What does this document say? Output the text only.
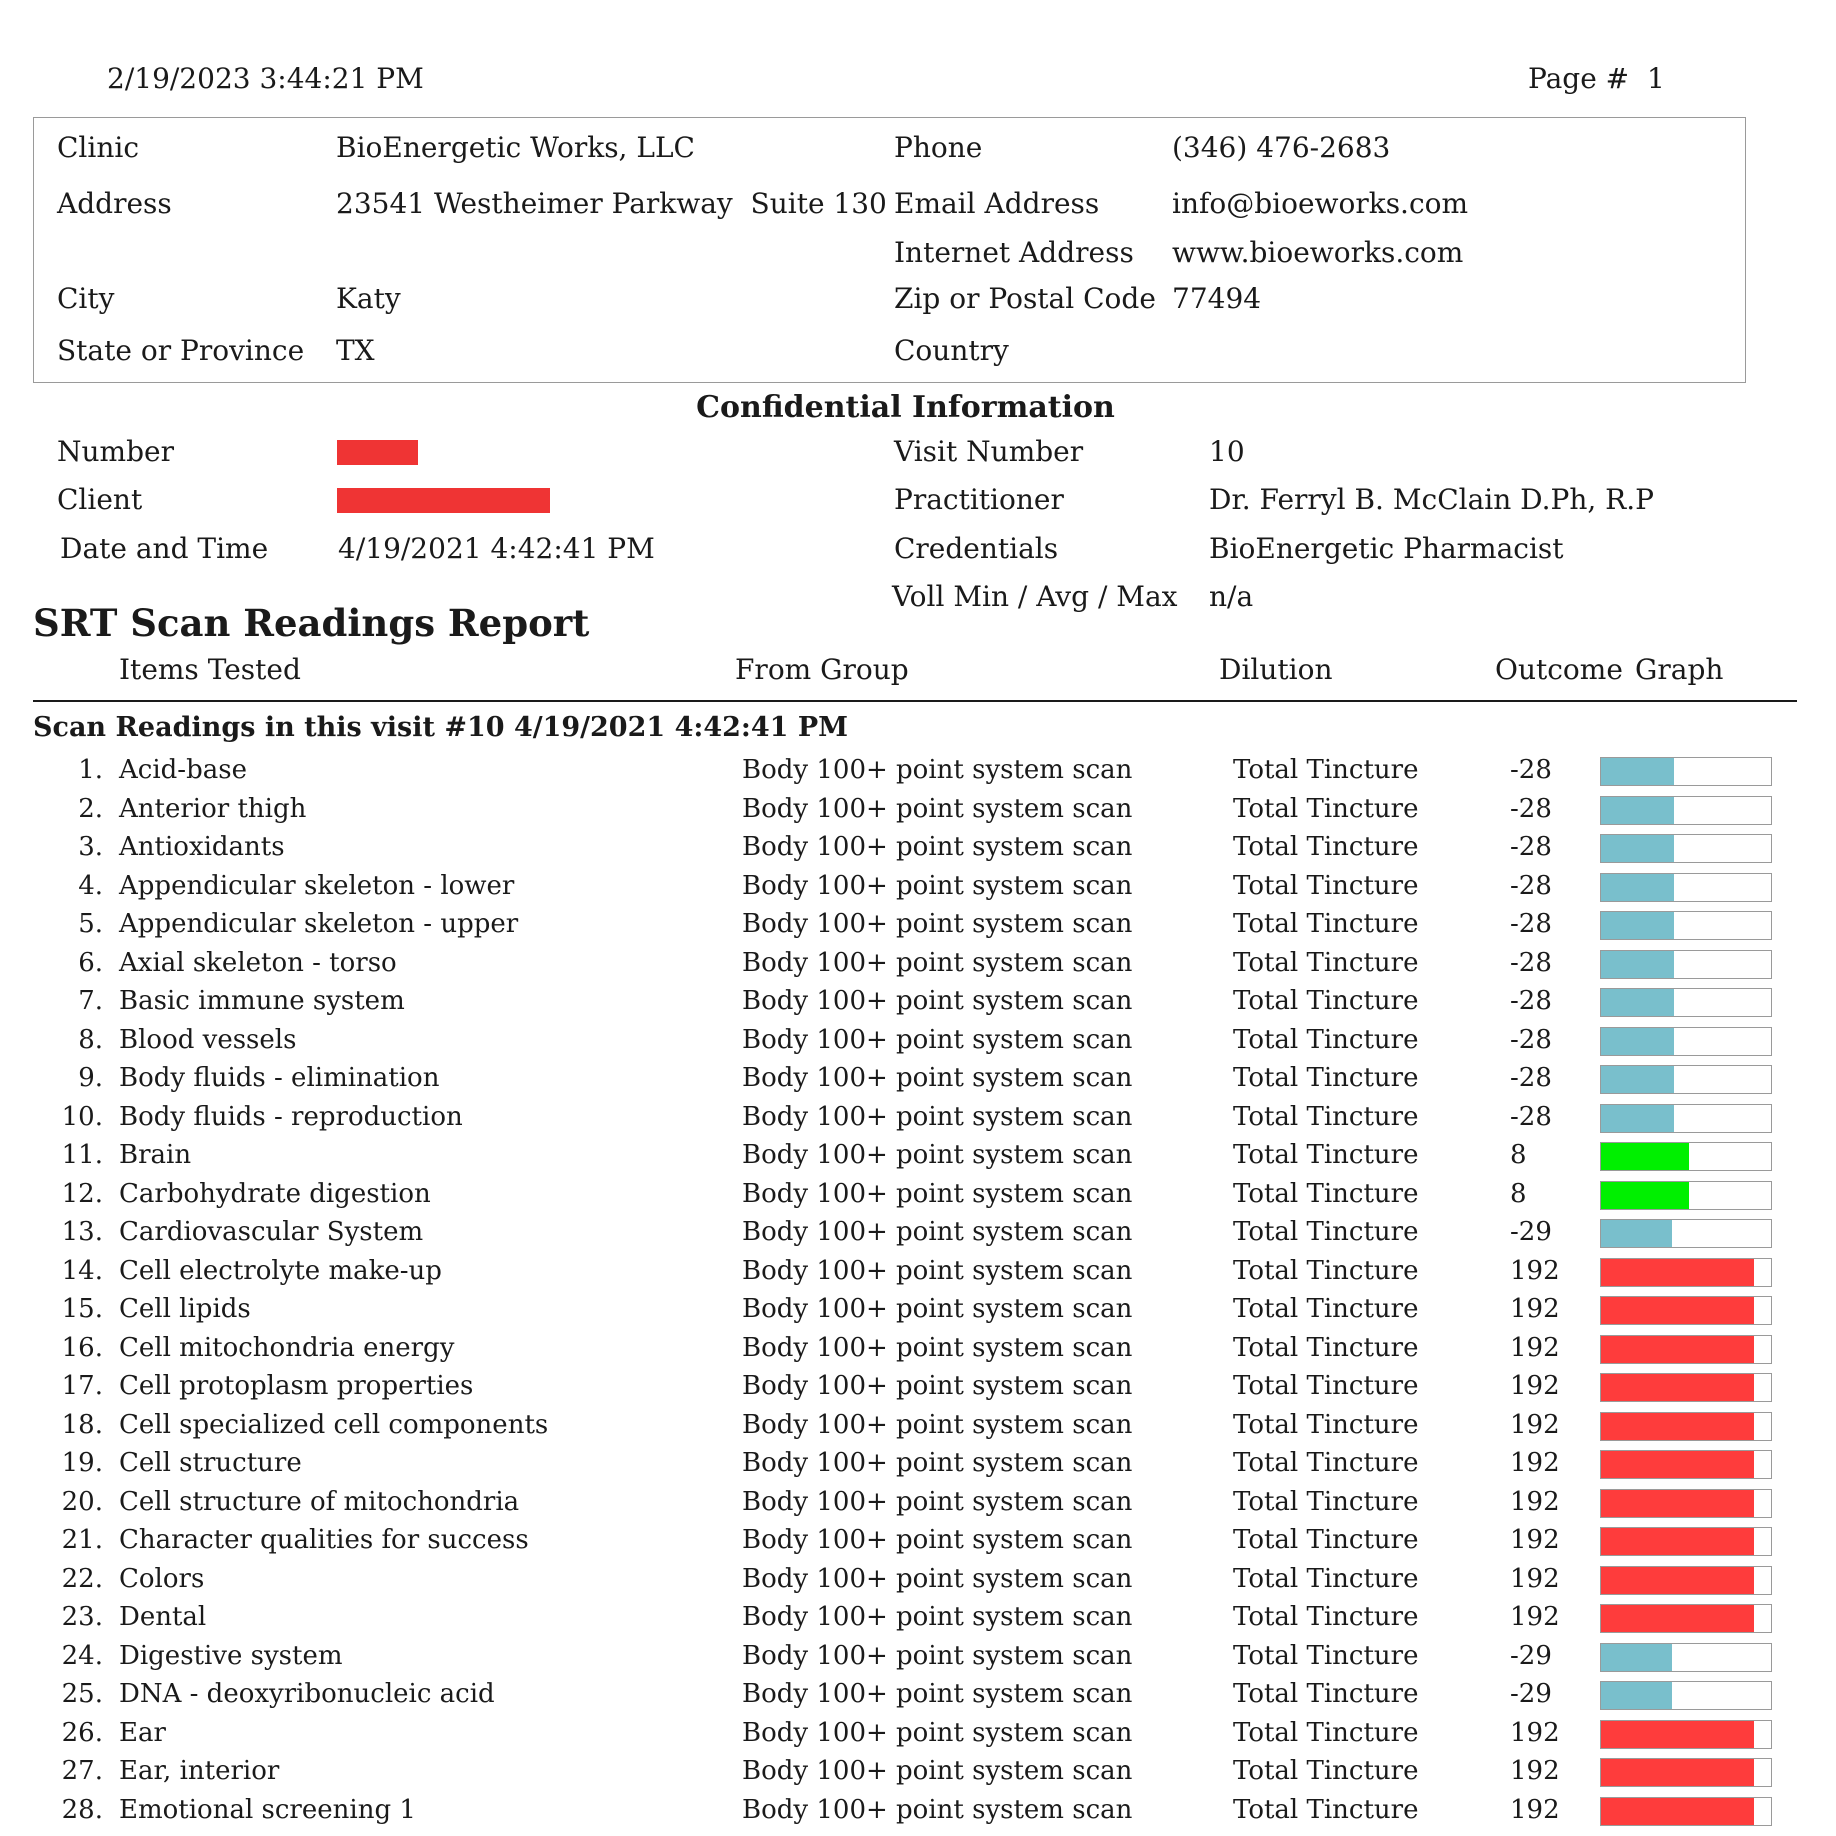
2/19/2023 3:44:21 PM	Page # 1
Clinic	BioEnergetic Works, LLC
Address	23541 Westheimer Parkway  Suite 130
City	Katy
State or Province TX
Phone	(346) 476-2683
Email Address	info@bioeworks.com
Internet Address www.bioeworks.com
Zip or Postal Code 77494
Country
Confidential Information
Number
Client
Date and Time 4/19/2021 4:42:41 PM
Visit Number	10
Practitioner	Dr. Ferryl B. McClain D.Ph, R.P
Credentials	BioEnergetic Pharmacist
Voll Min / Avg / Max n/a
SRT Scan Readings Report
Items Tested	From Group	Dilution	Outcome Graph
Scan Readings in this visit #10 4/19/2021 4:42:41 PM
1. Acid-base	Body 100+ point system scan	Total Tincture	-28
2. Anterior thigh	Body 100+ point system scan	Total Tincture	-28
3. Antioxidants	Body 100+ point system scan	Total Tincture	-28
4. Appendicular skeleton - lower	Body 100+ point system scan	Total Tincture	-28
5. Appendicular skeleton - upper	Body 100+ point system scan	Total Tincture	-28
6. Axial skeleton - torso	Body 100+ point system scan	Total Tincture	-28
7. Basic immune system	Body 100+ point system scan	Total Tincture	-28
8. Blood vessels	Body 100+ point system scan	Total Tincture	-28
9. Body fluids - elimination	Body 100+ point system scan	Total Tincture	-28
10. Body fluids - reproduction	Body 100+ point system scan	Total Tincture	-28
11. Brain	Body 100+ point system scan	Total Tincture	8
12. Carbohydrate digestion	Body 100+ point system scan	Total Tincture	8
13. Cardiovascular System	Body 100+ point system scan	Total Tincture	-29
14. Cell electrolyte make-up	Body 100+ point system scan	Total Tincture	192
15. Cell lipids	Body 100+ point system scan	Total Tincture	192
16. Cell mitochondria energy	Body 100+ point system scan	Total Tincture	192
17. Cell protoplasm properties	Body 100+ point system scan	Total Tincture	192
18. Cell specialized cell components	Body 100+ point system scan	Total Tincture	192
19. Cell structure	Body 100+ point system scan	Total Tincture	192
20. Cell structure of mitochondria	Body 100+ point system scan	Total Tincture	192
21. Character qualities for success	Body 100+ point system scan	Total Tincture	192
22. Colors	Body 100+ point system scan	Total Tincture	192
23. Dental	Body 100+ point system scan	Total Tincture	192
24. Digestive system	Body 100+ point system scan	Total Tincture	-29
25. DNA - deoxyribonucleic acid	Body 100+ point system scan	Total Tincture	-29
26. Ear	Body 100+ point system scan	Total Tincture	192
27. Ear, interior	Body 100+ point system scan	Total Tincture	192
28. Emotional screening 1	Body 100+ point system scan	Total Tincture	192
